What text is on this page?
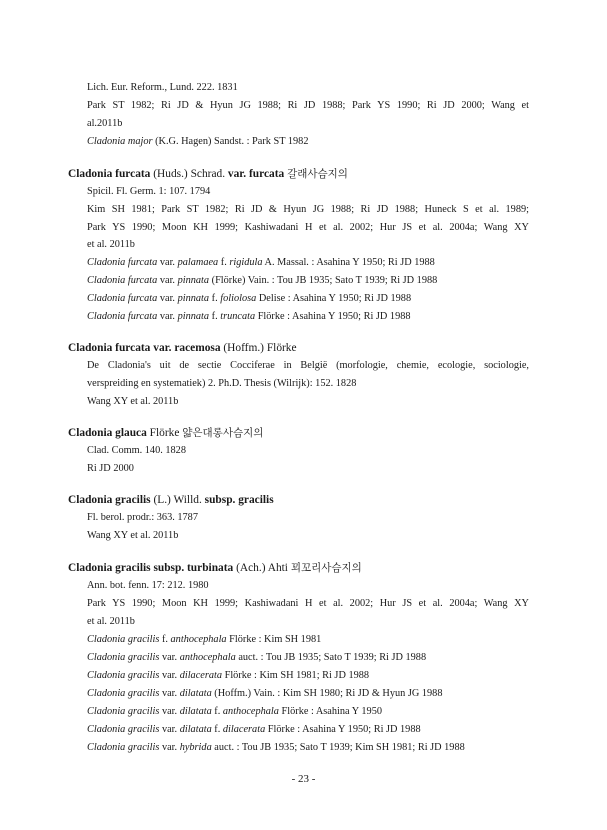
Lich. Eur. Reform., Lund. 222. 1831
Park ST 1982; Ri JD & Hyun JG 1988; Ri JD 1988; Park YS 1990; Ri JD 2000; Wang et
al.2011b
Cladonia major (K.G. Hagen) Sandst. : Park ST 1982
Cladonia furcata (Huds.) Schrad. var. furcata 갈래사슴지의
Spicil. Fl. Germ. 1: 107. 1794
Kim SH 1981; Park ST 1982; Ri JD & Hyun JG 1988; Ri JD 1988; Huneck S et al. 1989;
Park YS 1990; Moon KH 1999; Kashiwadani H et al. 2002; Hur JS et al. 2004a; Wang XY
et al. 2011b
Cladonia furcata var. palamaea f. rigidula A. Massal. : Asahina Y 1950; Ri JD 1988
Cladonia furcata var. pinnata (Flörke) Vain. : Tou JB 1935; Sato T 1939; Ri JD 1988
Cladonia furcata var. pinnata f. foliolosa Delise : Asahina Y 1950; Ri JD 1988
Cladonia furcata var. pinnata f. truncata Flörke : Asahina Y 1950; Ri JD 1988
Cladonia furcata var. racemosa (Hoffm.) Flörke
De Cladonia's uit de sectie Cocciferae in België (morfologie, chemie, ecologie, sociologie,
verspreiding en systematiek) 2. Ph.D. Thesis (Wilrijk): 152. 1828
Wang XY et al. 2011b
Cladonia glauca Flörke 얇은대롱사슴지의
Clad. Comm. 140. 1828
Ri JD 2000
Cladonia gracilis (L.) Willd. subsp. gracilis
Fl. berol. prodr.: 363. 1787
Wang XY et al. 2011b
Cladonia gracilis subsp. turbinata (Ach.) Ahti 꾀꼬리사슴지의
Ann. bot. fenn. 17: 212. 1980
Park YS 1990; Moon KH 1999; Kashiwadani H et al. 2002; Hur JS et al. 2004a; Wang XY
et al. 2011b
Cladonia gracilis f. anthocephala Flörke : Kim SH 1981
Cladonia gracilis var. anthocephala auct. : Tou JB 1935; Sato T 1939; Ri JD 1988
Cladonia gracilis var. dilacerata Flörke : Kim SH 1981; Ri JD 1988
Cladonia gracilis var. dilatata (Hoffm.) Vain. : Kim SH 1980; Ri JD & Hyun JG 1988
Cladonia gracilis var. dilatata f. anthocephala Flörke : Asahina Y 1950
Cladonia gracilis var. dilatata f. dilacerata Flörke : Asahina Y 1950; Ri JD 1988
Cladonia gracilis var. hybrida auct. : Tou JB 1935; Sato T 1939; Kim SH 1981; Ri JD 1988
- 23 -
